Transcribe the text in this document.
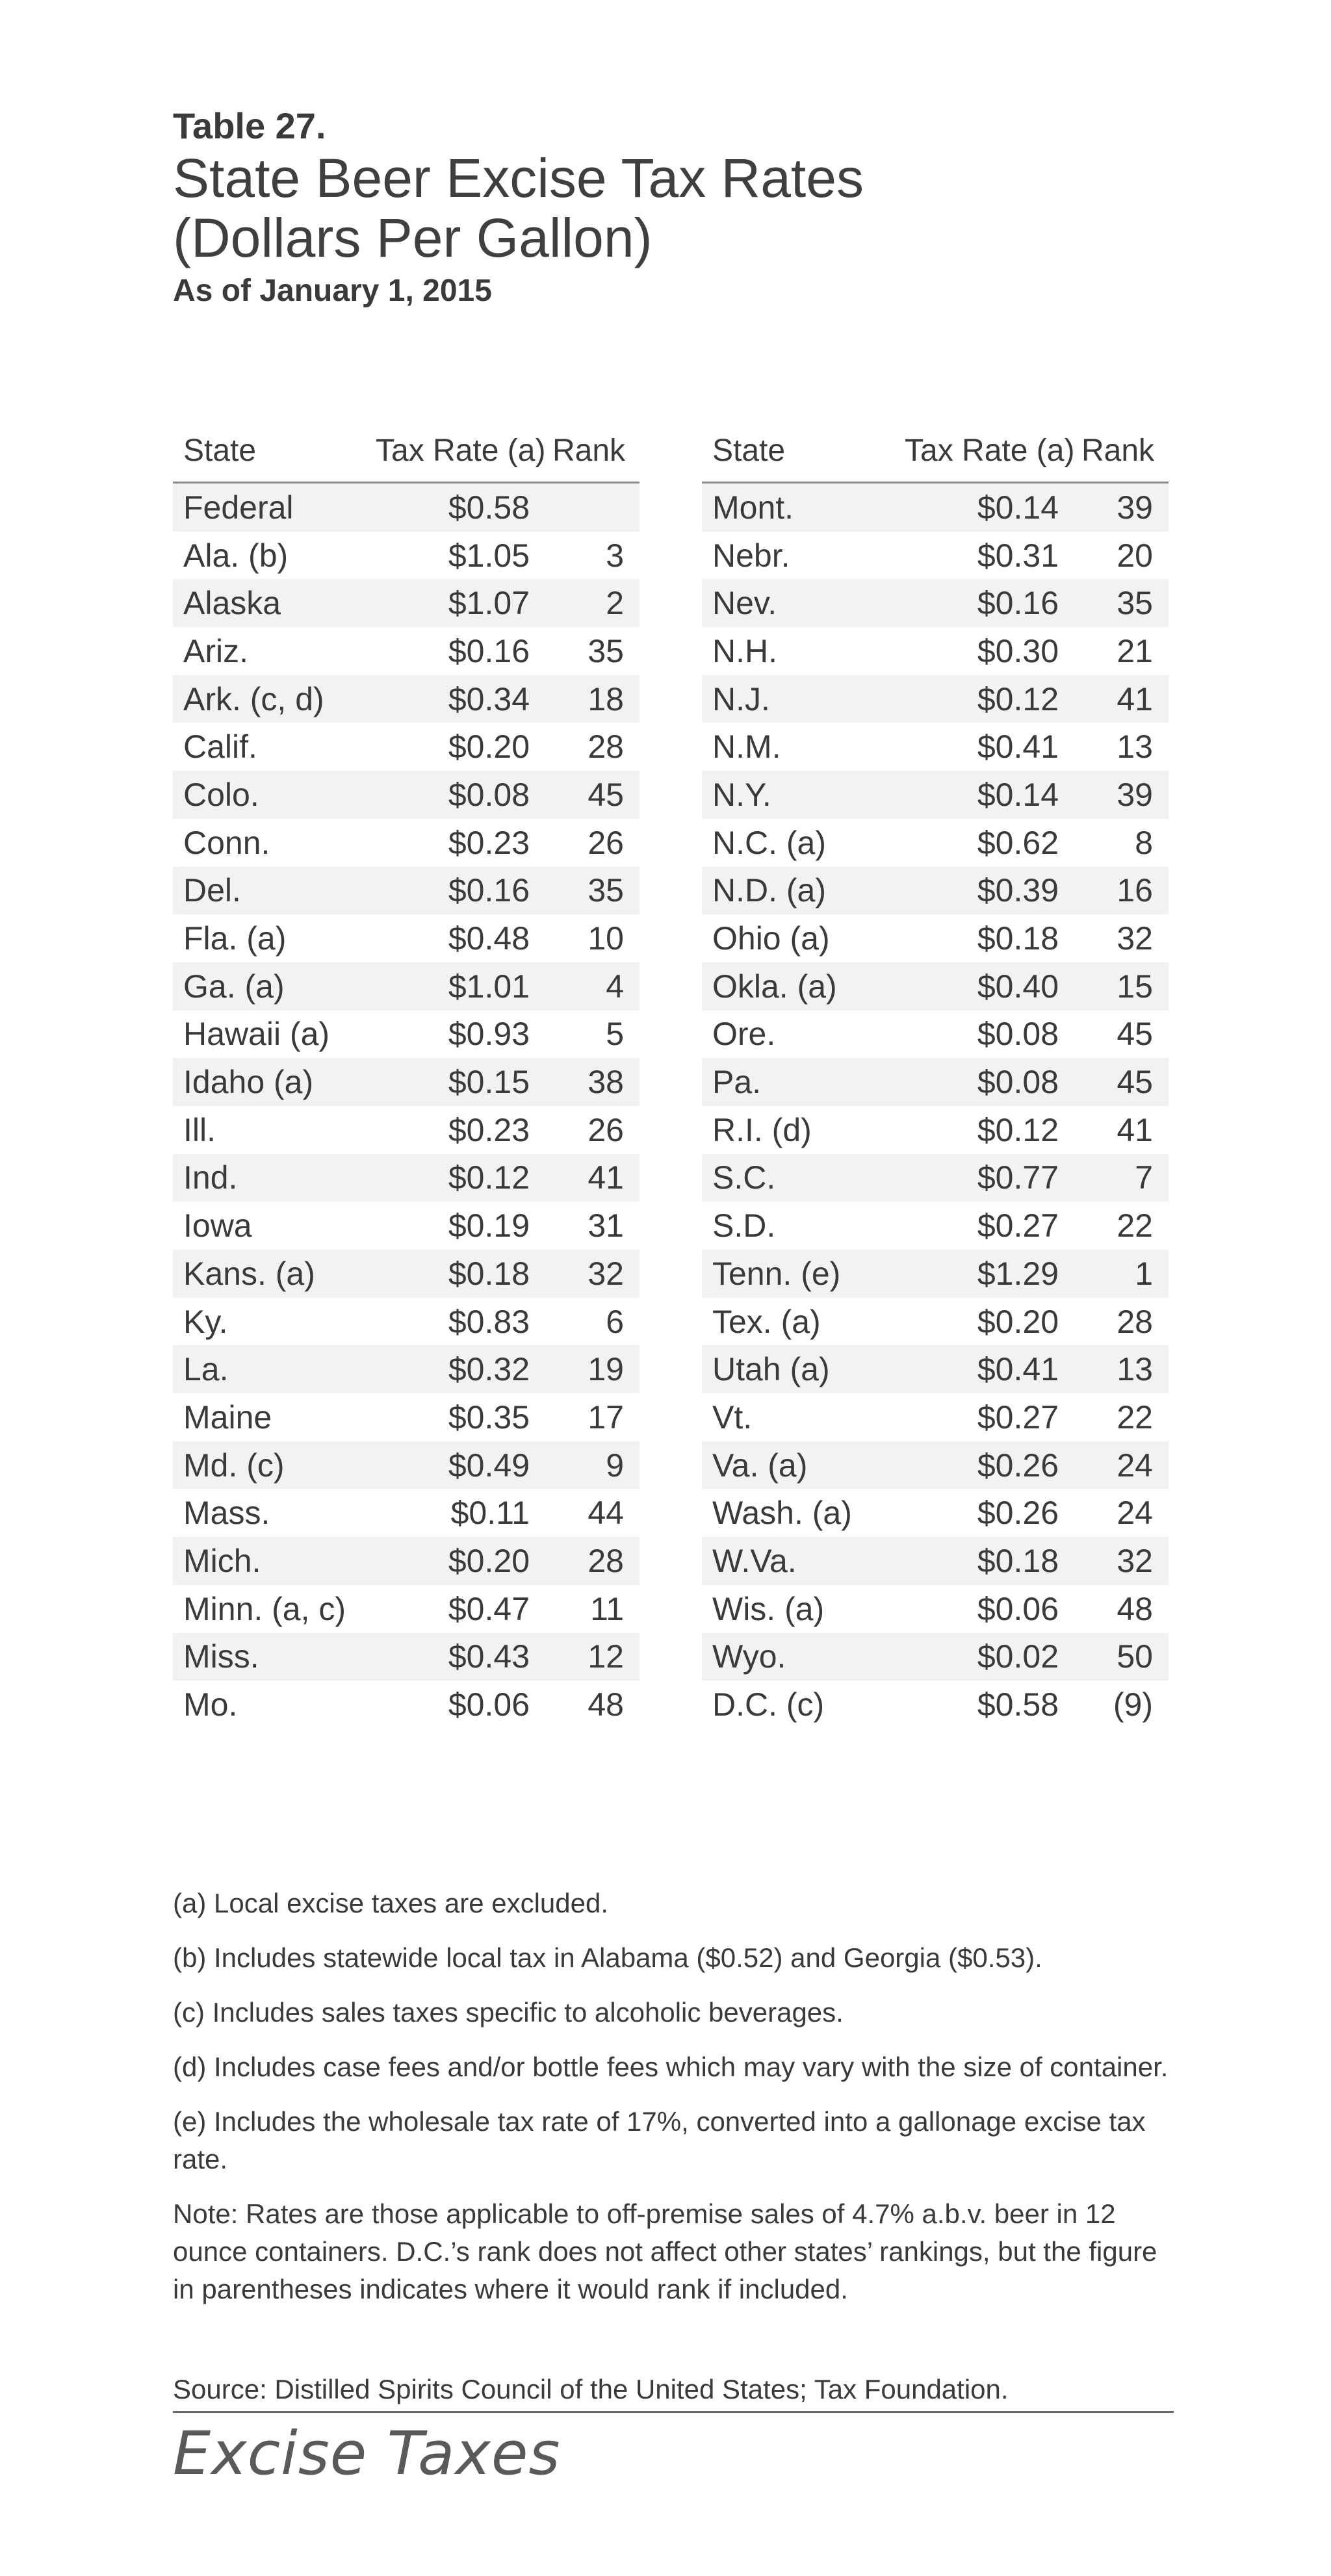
Table 27.
State Beer Excise Tax Rates
(Dollars Per Gallon)
As of January 1, 2015
State	Tax Rate (a) Rank
Federal	$0.58
Ala. (b)	$1.05	3
Alaska	$1.07	2
Ariz.	$0.16	35
Ark. (c, d)	$0.34	18
Calif.	$0.20	28
Colo.	$0.08	45
Conn.	$0.23	26
Del.	$0.16	35
Fla. (a)	$0.48	10
Ga. (a)	$1.01	4
Hawaii (a)	$0.93	5
Idaho (a)	$0.15	38
Ill.	$0.23	26
Ind.	$0.12	41
Iowa	$0.19	31
Kans. (a)	$0.18	32
Ky.	$0.83	6
La.	$0.32	19
Maine	$0.35	17
Md. (c)	$0.49	9
Mass.	$0.11	44
Mich.	$0.20	28
Minn. (a, c)	$0.47	11
Miss.	$0.43	12
Mo.	$0.06	48
State	Tax Rate (a) Rank
Mont.	$0.14	39
Nebr.	$0.31	20
Nev.	$0.16	35
N.H.	$0.30	21
N.J.	$0.12	41
N.M.	$0.41	13
N.Y.	$0.14	39
N.C. (a)	$0.62	8
N.D. (a)	$0.39	16
Ohio (a)	$0.18	32
Okla. (a)	$0.40	15
Ore.	$0.08	45
Pa.	$0.08	45
R.I. (d)	$0.12	41
S.C.	$0.77	7
S.D.	$0.27	22
Tenn. (e)	$1.29	1
Tex. (a)	$0.20	28
Utah (a)	$0.41	13
Vt.	$0.27	22
Va. (a)	$0.26	24
Wash. (a)	$0.26	24
W.Va.	$0.18	32
Wis. (a)	$0.06	48
Wyo.	$0.02	50
D.C. (c)	$0.58	(9)
(a) Local excise taxes are excluded.
(b) Includes statewide local tax in Alabama ($0.52) and Georgia ($0.53).
(c) Includes sales taxes specific to alcoholic beverages.
(d) Includes case fees and/or bottle fees which may vary with the size of container.
(e) Includes the wholesale tax rate of 17%, converted into a gallonage excise tax rate.
Note: Rates are those applicable to off-premise sales of 4.7% a.b.v. beer in 12 ounce containers. D.C.’s rank does not affect other states’ rankings, but the figure in parentheses indicates where it would rank if included.
Source: Distilled Spirits Council of the United States; Tax Foundation.
Excise Taxes
